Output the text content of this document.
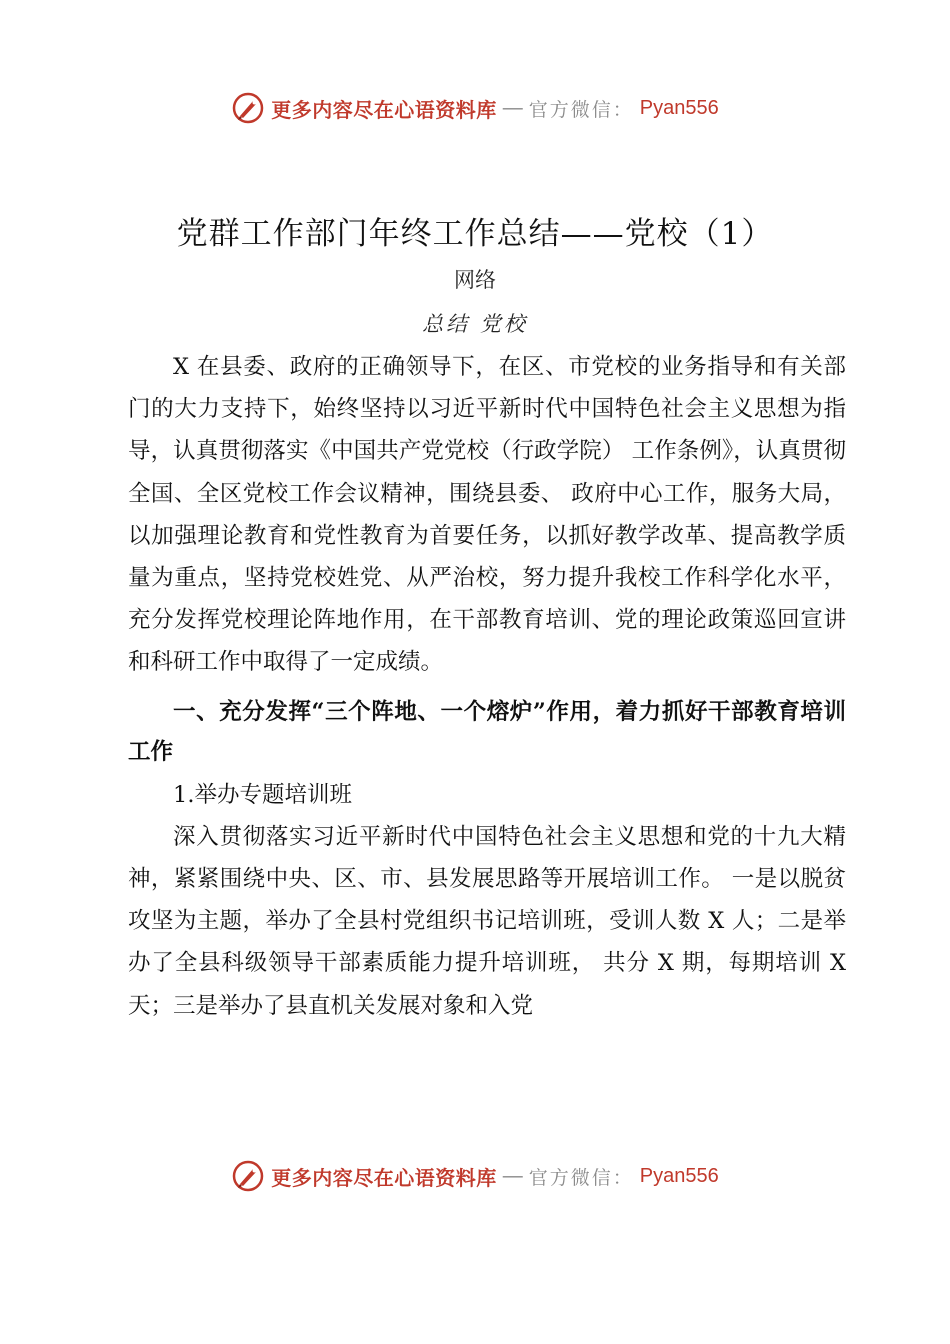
更多内容尽在心语资料库 — 官方微信： Pyan556
党群工作部门年终工作总结——党校（1）
网络
总结 党校

X 在县委、政府的正确领导下，在区、市党校的业务指导和有关部门的大力支持下，始终坚持以习近平新时代中国特色社会主义思想为指导，认真贯彻落实《中国共产党党校（行政学院） 工作条例》，认真贯彻全国、全区党校工作会议精神，围绕县委、 政府中心工作，服务大局，以加强理论教育和党性教育为首要任务，以抓好教学改革、提高教学质量为重点，坚持党校姓党、从严治校，努力提升我校工作科学化水平，充分发挥党校理论阵地作用，在干部教育培训、党的理论政策巡回宣讲和科研工作中取得了一定成绩。

一、充分发挥“三个阵地、一个熔炉”作用，着力抓好干部教育培训工作

1.举办专题培训班

深入贯彻落实习近平新时代中国特色社会主义思想和党的十九大精神，紧紧围绕中央、区、市、县发展思路等开展培训工作。 一是以脱贫攻坚为主题，举办了全县村党组织书记培训班，受训人数 X 人；二是举办了全县科级领导干部素质能力提升培训班， 共分 X 期，每期培训 X 天；三是举办了县直机关发展对象和入党

更多内容尽在心语资料库 — 官方微信： Pyan556
